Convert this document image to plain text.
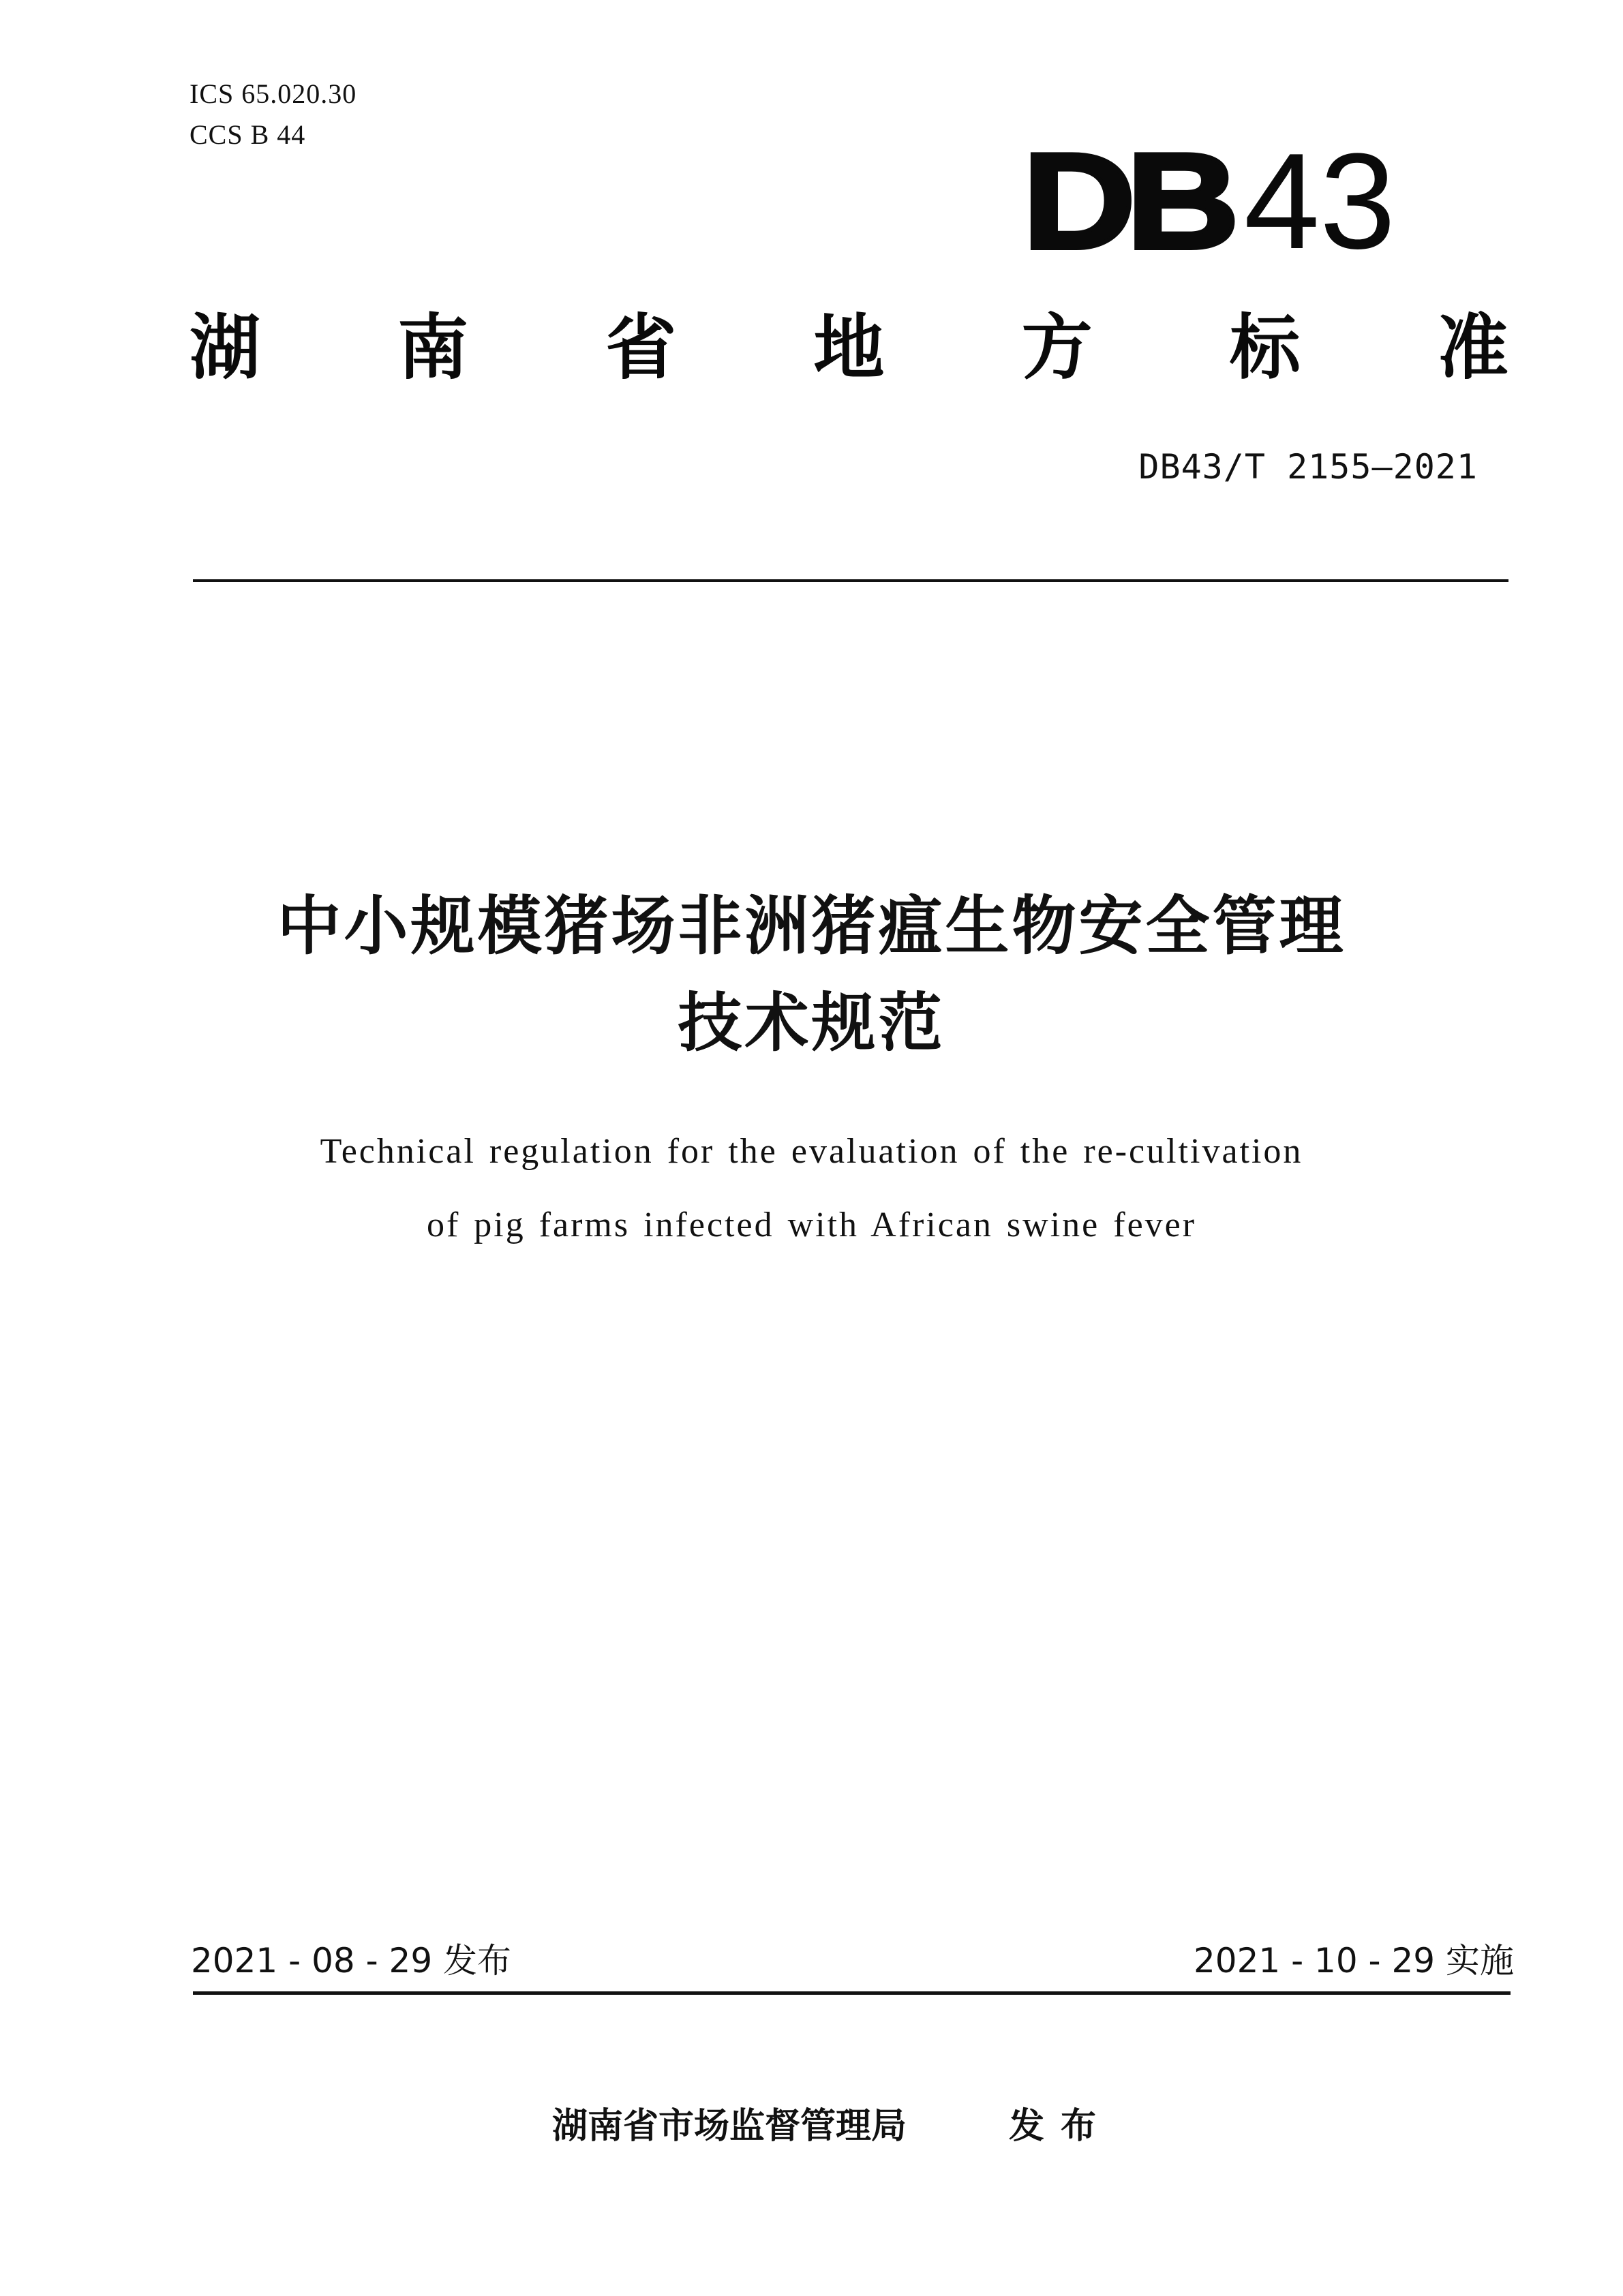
ICS 65.020.30
CCS B 44	DB 43
湖 南 省 地 方 标 准
DB43/T 2155—2021
中小规模猪场非洲猪瘟生物安全管理
技术规范
Technical regulation for the evaluation of the re-cultivation
of pig farms infected with African swine fever
2021 - 08 - 29 发布	2021 - 10 - 29 实施
湖南省市场监督管理局	发布
